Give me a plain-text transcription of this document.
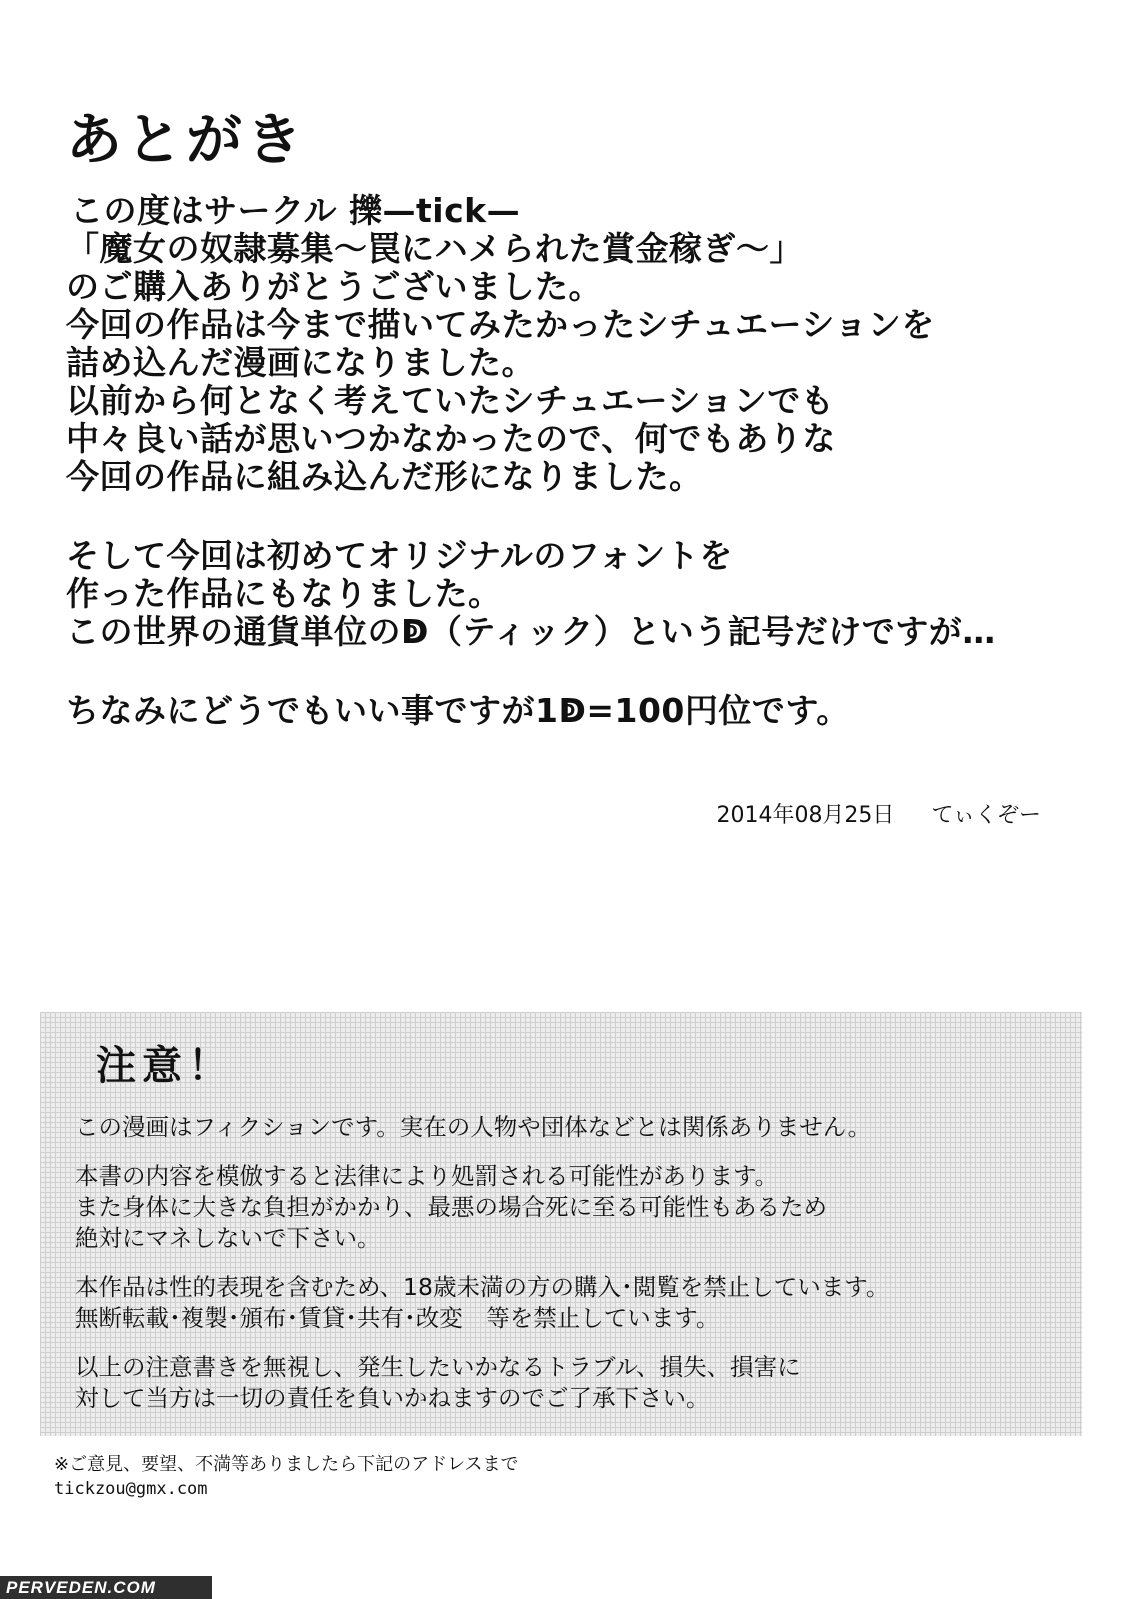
あとがき
この度はサークル 擽—tick—
「魔女の奴隷募集～罠にハメられた賞金稼ぎ～」
のご購入ありがとうございました。
今回の作品は今まで描いてみたかったシチュエーションを
詰め込んだ漫画になりました。
以前から何となく考えていたシチュエーションでも
中々良い話が思いつかなかったので、何でもありな
今回の作品に組み込んだ形になりました。
そして今回は初めてオリジナルのフォントを
作った作品にもなりました。
この世界の通貨単位のↁ（ティック）という記号だけですが…
ちなみにどうでもいい事ですが1ↁ=100円位です。
2014年08月25日 てぃくぞー
注意！
この漫画はフィクションです。実在の人物や団体などとは関係ありません。
本書の内容を模倣すると法律により処罰される可能性があります。
また身体に大きな負担がかかり、最悪の場合死に至る可能性もあるため
絶対にマネしないで下さい。
本作品は性的表現を含むため、18歳未満の方の購入･閲覧を禁止しています。
無断転載･複製･頒布･賃貸･共有･改変　等を禁止しています。
以上の注意書きを無視し、発生したいかなるトラブル、損失、損害に
対して当方は一切の責任を負いかねますのでご了承下さい。
※ご意見、要望、不満等ありましたら下記のアドレスまで
tickzou@gmx.com
PERVEDEN.COM
